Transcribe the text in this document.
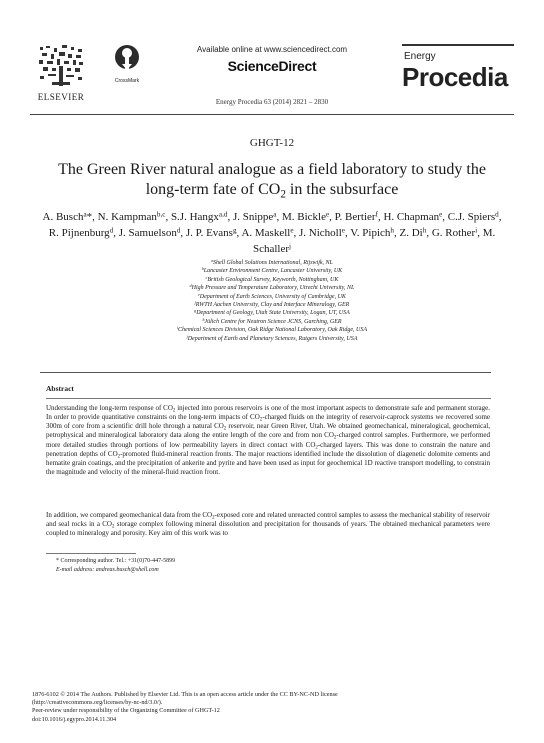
ELSEVIER
CrossMark
Available online at www.sciencedirect.com
ScienceDirect
Energy Procedia 63 (2014) 2821 – 2830
Energy
Procedia
GHGT-12
The Green River natural analogue as a field laboratory to study the
long-term fate of $CO_2$ in the subsurface
A. Busch$^a$*, N. Kampman$^{b,c}$, S.J. Hangx$^{a,d}$, J. Snippe$^a$, M. Bickle$^e$, P. Bertier$^f$, H. Chapman$^e$, C.J. Spiers$^d$, R. Pijnenburg$^d$, J. Samuelson$^d$, J. P. Evans$^g$, A. Maskell$^e$, J. Nicholl$^e$, V. Pipich$^h$, Z. Di$^h$, G. Rother$^i$, M. Schaller$^j$
$^a$Shell Global Solutions International, Rijswijk, NL
$^b$Lancaster Environment Centre, Lancaster University, UK
$^c$British Geological Survey, Keyworth, Nottingham, UK
$^d$High Pressure and Temperature Laboratory, Utrecht University, NL
$^e$Department of Earth Sciences, University of Cambridge, UK
$^f$RWTH Aachen University, Clay and Interface Mineralogy, GER
$^g$Department of Geology, Utah State University, Logan, UT, USA
$^h$Jülich Centre for Neutron Science JCNS, Garching, GER
$^i$Chemical Sciences Division, Oak Ridge National Laboratory, Oak Ridge, USA
$^j$Department of Earth and Planetary Sciences, Rutgers University, USA
Abstract
Understanding the long-term response of $CO_2$ injected into porous reservoirs is one of the most important aspects to demonstrate safe and permanent storage. In order to provide quantitative constraints on the long-term impacts of $CO_2$-charged fluids on the integrity of reservoir-caprock systems we recovered some 300m of core from a scientific drill hole through a natural $CO_2$ reservoir, near Green River, Utah. We obtained geomechanical, mineralogical, geochemical, petrophysical and mineralogical laboratory data along the entire length of the core and from non $CO_2$-charged control samples. Furthermore, we performed more detailed studies through portions of low permeability layers in direct contact with $CO_2$-charged layers. This was done to constrain the nature and penetration depths of $CO_2$-promoted fluid-mineral reaction fronts. The major reactions identified include the dissolution of diagenetic dolomite cements and hematite grain coatings, and the precipitation of ankerite and pyrite and have been used as input for geochemical 1D reactive transport modelling, to constrain the magnitude and velocity of the mineral-fluid reaction front.
In addition, we compared geomechanical data from the $CO_2$-exposed core and related unreacted control samples to assess the mechanical stability of reservoir and seal rocks in a $CO_2$ storage complex following mineral dissolution and precipitation for thousands of years. The obtained mechanical parameters were coupled to mineralogy and porosity. Key aim of this work was to
* Corresponding author. Tel.: +31(0)70-447-5899
E-mail address: andreas.busch@shell.com
1876-6102 © 2014 The Authors. Published by Elsevier Ltd. This is an open access article under the CC BY-NC-ND license
(http://creativecommons.org/licenses/by-nc-nd/3.0/).
Peer-review under responsibility of the Organizing Committee of GHGT-12
doi:10.1016/j.egypro.2014.11.304
